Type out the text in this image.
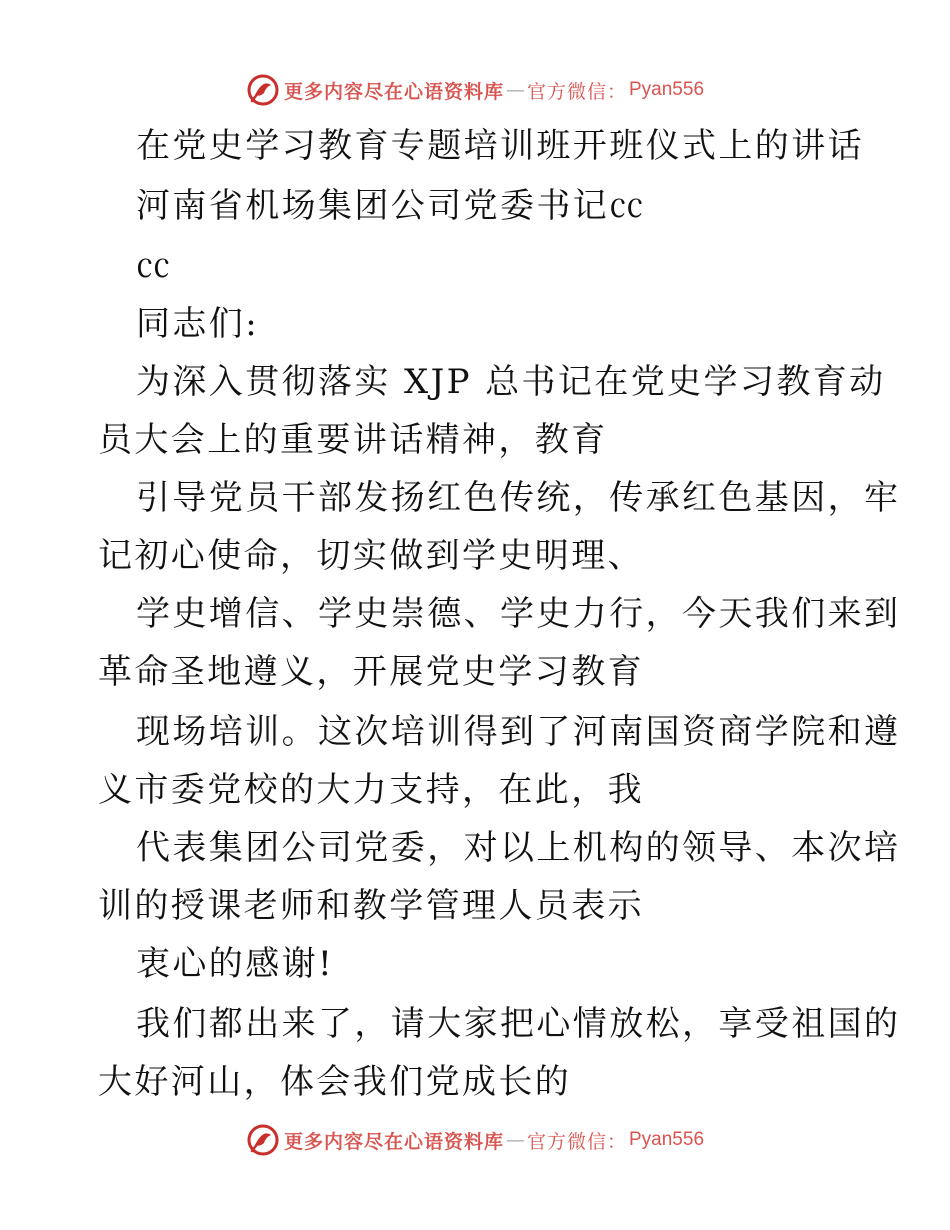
更多内容尽在心语资料库 — 官方微信： Pyan556
在党史学习教育专题培训班开班仪式上的讲话
河南省机场集团公司党委书记㏄
㏄
同志们:
为深入贯彻落实 XJP 总书记在党史学习教育动
员大会上的重要讲话精神，教育
引导党员干部发扬红色传统，传承红色基因，牢
记初心使命，切实做到学史明理、
学史增信、学史崇德、学史力行，今天我们来到
革命圣地遵义，开展党史学习教育
现场培训。这次培训得到了河南国资商学院和遵
义市委党校的大力支持，在此，我
代表集团公司党委，对以上机构的领导、本次培
训的授课老师和教学管理人员表示
衷心的感谢!
我们都出来了，请大家把心情放松，享受祖国的
大好河山，体会我们党成长的
更多内容尽在心语资料库 — 官方微信： Pyan556
